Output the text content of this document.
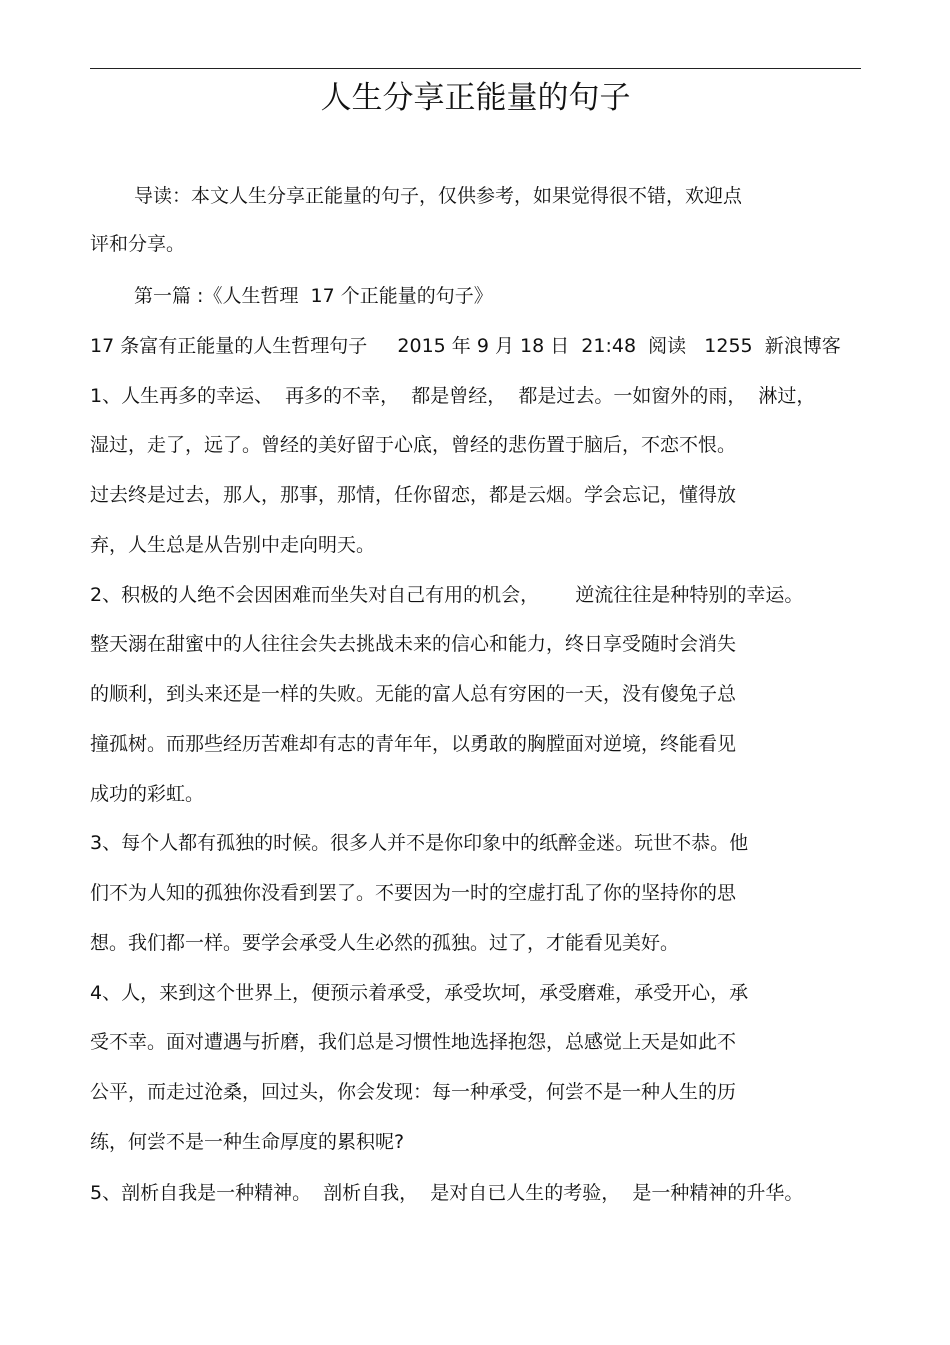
人生分享正能量的句子
导读：本文人生分享正能量的句子，仅供参考，如果觉得很不错，欢迎点
评和分享。
第一篇 :《人生哲理  17 个正能量的句子》
17 条富有正能量的人生哲理句子     2015 年 9 月 18 日  21:48  阅读   1255  新浪博客
1、人生再多的幸运、  再多的不幸，  都是曾经，  都是过去。一如窗外的雨，  淋过，
湿过，走了，远了。曾经的美好留于心底，曾经的悲伤置于脑后，不恋不恨。
过去终是过去，那人，那事，那情，任你留恋，都是云烟。学会忘记，懂得放
弃，人生总是从告别中走向明天。
2、积极的人绝不会因困难而坐失对自己有用的机会，      逆流往往是种特别的幸运。
整天溺在甜蜜中的人往往会失去挑战未来的信心和能力，终日享受随时会消失
的顺利，到头来还是一样的失败。无能的富人总有穷困的一天，没有傻兔子总
撞孤树。而那些经历苦难却有志的青年年，以勇敢的胸膛面对逆境，终能看见
成功的彩虹。
3、每个人都有孤独的时候。很多人并不是你印象中的纸醉金迷。玩世不恭。他
们不为人知的孤独你没看到罢了。不要因为一时的空虚打乱了你的坚持你的思
想。我们都一样。要学会承受人生必然的孤独。过了，才能看见美好。
4、人，来到这个世界上，便预示着承受，承受坎坷，承受磨难，承受开心，承
受不幸。面对遭遇与折磨，我们总是习惯性地选择抱怨，总感觉上天是如此不
公平，而走过沧桑，回过头，你会发现：每一种承受，何尝不是一种人生的历
练，何尝不是一种生命厚度的累积呢?
5、剖析自我是一种精神。  剖析自我，  是对自已人生的考验，  是一种精神的升华。
